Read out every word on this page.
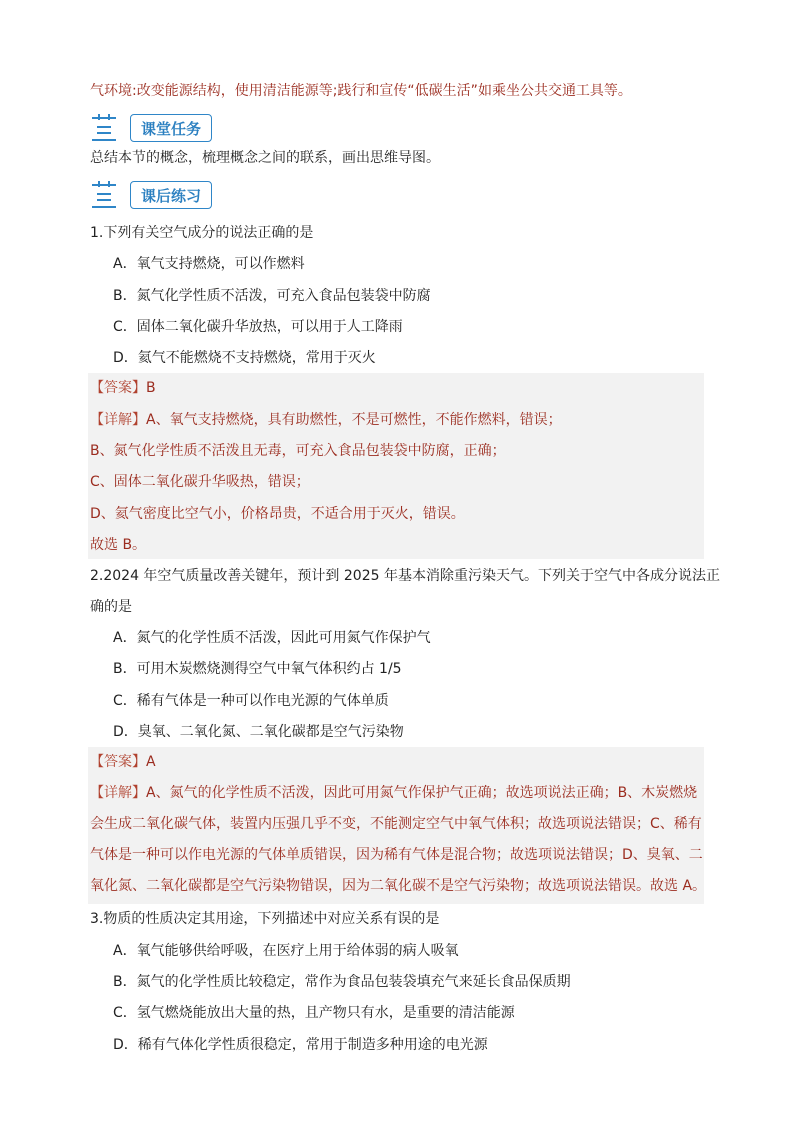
气环境:改变能源结构，使用清洁能源等;践行和宣传“低碳生活”如乘坐公共交通工具等。
课堂任务
总结本节的概念，梳理概念之间的联系，画出思维导图。
课后练习
1.下列有关空气成分的说法正确的是
A．氧气支持燃烧，可以作燃料
B．氮气化学性质不活泼，可充入食品包装袋中防腐
C．固体二氧化碳升华放热，可以用于人工降雨
D．氦气不能燃烧不支持燃烧，常用于灭火
【答案】B
【详解】A、氧气支持燃烧，具有助燃性，不是可燃性，不能作燃料，错误；
B、氮气化学性质不活泼且无毒，可充入食品包装袋中防腐，正确；
C、固体二氧化碳升华吸热，错误；
D、氦气密度比空气小，价格昂贵，不适合用于灭火，错误。
故选 B。
2.2024 年空气质量改善关键年，预计到 2025 年基本消除重污染天气。下列关于空气中各成分说法正
确的是
A．氮气的化学性质不活泼，因此可用氮气作保护气
B．可用木炭燃烧测得空气中氧气体积约占 1/5
C．稀有气体是一种可以作电光源的气体单质
D．臭氧、二氧化氮、二氧化碳都是空气污染物
【答案】A
【详解】A、氮气的化学性质不活泼，因此可用氮气作保护气正确；故选项说法正确；B、木炭燃烧
会生成二氧化碳气体，装置内压强几乎不变，不能测定空气中氧气体积；故选项说法错误；C、稀有
气体是一种可以作电光源的气体单质错误，因为稀有气体是混合物；故选项说法错误；D、臭氧、二
氧化氮、二氧化碳都是空气污染物错误，因为二氧化碳不是空气污染物；故选项说法错误。故选 A。
3.物质的性质决定其用途，下列描述中对应关系有误的是
A．氧气能够供给呼吸，在医疗上用于给体弱的病人吸氧
B．氮气的化学性质比较稳定，常作为食品包装袋填充气来延长食品保质期
C．氢气燃烧能放出大量的热，且产物只有水，是重要的清洁能源
D．稀有气体化学性质很稳定，常用于制造多种用途的电光源
